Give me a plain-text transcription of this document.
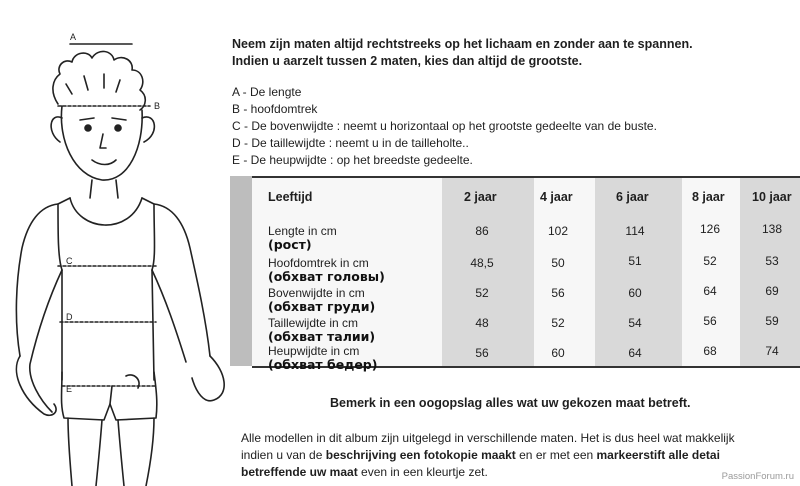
A
B
C
D
E
Neem zijn maten altijd rechtstreeks op het lichaam en zonder aan te spannen.
Indien u aarzelt tussen 2 maten, kies dan altijd de grootste.
A - De lengte
B - hoofdomtrek
C - De bovenwijdte : neemt u horizontaal op het grootste gedeelte van de buste.
D - De taillewijdte : neemt u in de tailleholte..
E - De heupwijdte : op het breedste gedeelte.
Leeftijd	2 jaar	4 jaar	6 jaar	8 jaar 10 jaar
Lengte in cm
(рост)
86	102	114	126	138
Hoofdomtrek in cm
(обхват головы)
48,5	50	51	52	53
Bovenwijdte in cm
(обхват груди)
52	56	60	64	69
Taillewijdte in cm
(обхват талии)
48	52	54	56	59
Heupwijdte in cm
(обхват бедер)
56	60	64	68	74
Bemerk in een oogopslag alles wat uw gekozen maat betreft.
Alle modellen in dit album zijn uitgelegd in verschillende maten. Het is dus heel wat makkelijk
indien u van de beschrijving een fotokopie maakt en er met een markeerstift alle detai
betreffende uw maat even in een kleurtje zet.	PassionForum.ru
